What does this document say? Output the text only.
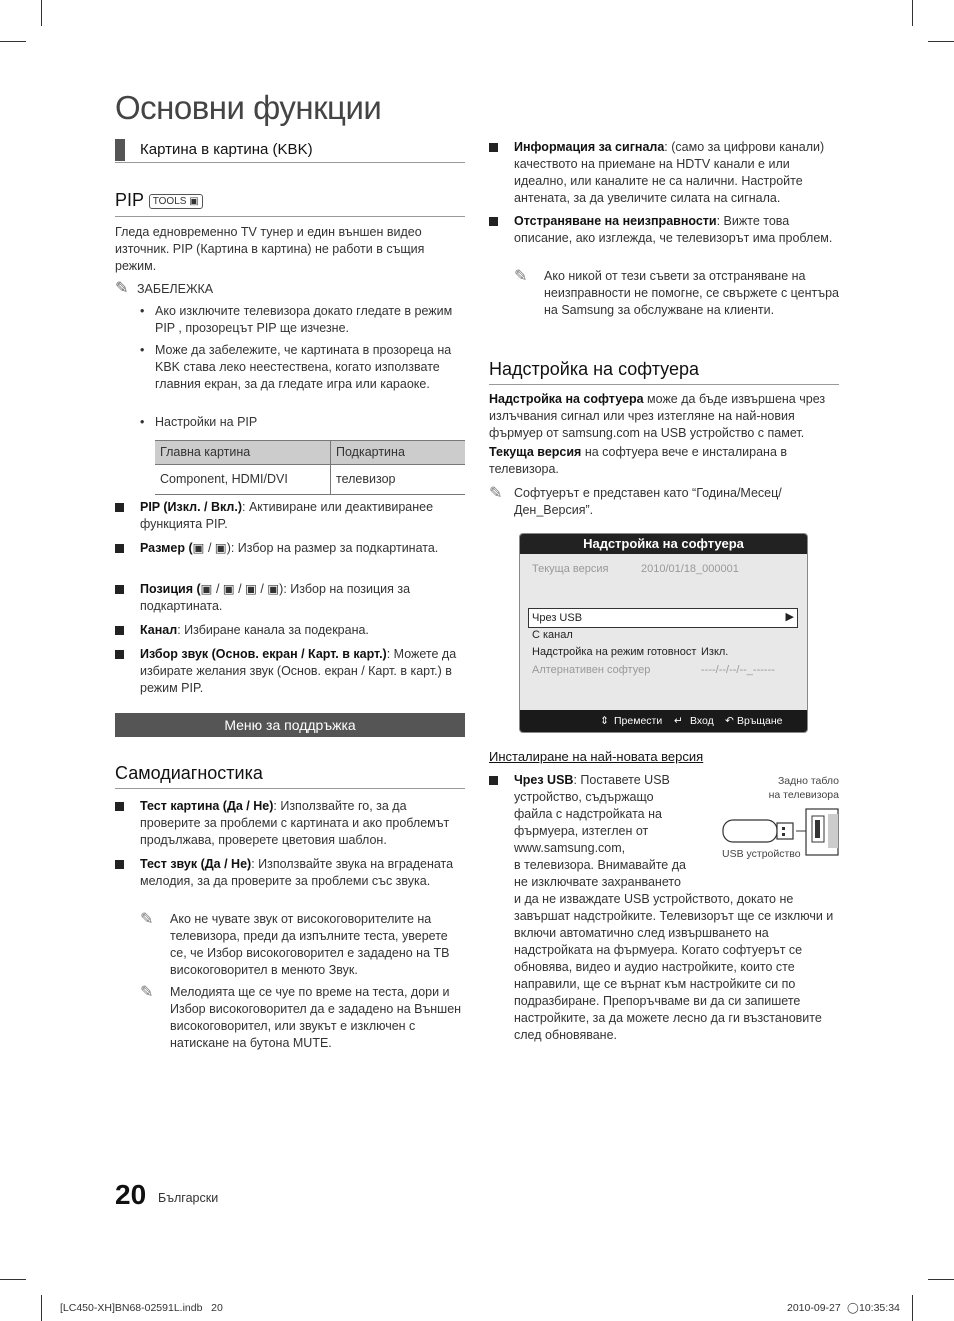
Основни функции
Картина в картина (KBK)
PIP TOOLS ▣
Гледа едновременно TV тунер и един външен видео източник. PIP (Картина в картина) не работи в същия режим.
✎ ЗАБЕЛЕЖКА
• Ако изключите телевизора докато гледате в режим PIP , прозорецът PIP ще изчезне.
• Може да забележите, че картината в прозореца на KBK става леко неестествена, когато използвате главния екран, за да гледате игра или караоке.
• Настройки на PIP
Главна картина	Подкартина
Component, HDMI/DVI	телевизор
PIP (Изкл. / Вкл.): Активиране или деактивиранее функцията PIP.
Размер (▣ / ▣): Избор на размер за подкартината.
Позиция (▣ / ▣ / ▣ / ▣): Избор на позиция за подкартината.
Канал: Избиране канала за подекрана.
Избор звук (Основ. екран / Карт. в карт.): Можете да избирате желания звук (Основ. екран / Карт. в карт.) в режим PIP.
Меню за поддръжка
Самодиагностика
Тест картина (Да / Не): Използвайте го, за да проверите за проблеми с картината и ако проблемът продължава, проверете цветовия шаблон.
Тест звук (Да / Не): Използвайте звука на вградената мелодия, за да проверите за проблеми със звука.
✎ Ако не чувате звук от високоговорителите на телевизора, преди да изпълните теста, уверете се, че Избор високоговорител е зададено на ТВ високоговорител в менюто Звук.
✎ Мелодията ще се чуе по време на теста, дори и Избор високоговорител да е зададено на Външен високоговорител, или звукът е изключен с натискане на бутона MUTE.
Информация за сигнала: (само за цифрови канали) качеството на приемане на HDTV канали е или идеално, или каналите не са налични. Настройте антената, за да увеличите силата на сигнала.
Отстраняване на неизправности: Вижте това описание, ако изглежда, че телевизорът има проблем.
✎ Ако никой от тези съвети за отстраняване на неизправности не помогне, се свържете с центъра на Samsung за обслужване на клиенти.
Надстройка на софтуера
Надстройка на софтуера може да бъде извършена чрез излъчвания сигнал или чрез изтегляне на най-новия фърмуер от samsung.com на USB устройство с памет.
Текуща версия на софтуера вече е инсталирана в телевизора.
✎ Софтуерът е представен като “Година/Месец/Ден_Версия”.
Надстройка на софтуера
Текуща версия	2010/01/18_000001
Чрез USB	▶
С канал
Надстройка на режим готовност Изкл.
Алтернативен софтуер	----/--/--/--_------
⇕ Премести ↵ Вход ↶ Връщане
Инсталиране на най-новата версия
Чрез USB: Поставете USB
устройство, съдържащо
файла с надстройката на
фърмуера, изтеглен от
www.samsung.com,
в телевизора. Внимавайте да
не изключвате захранването
и да не изваждате USB устройството, докато не завършат надстройките. Телевизорът ще се изключи и включи автоматично след извършването на надстройката на фърмуера. Когато софтуерът се обновява, видео и аудио настройките, които сте направили, ще се върнат към настройките си по подразбиране. Препоръчваме ви да си запишете настройките, за да можете лесно да ги възстановите след обновяване.
Задно табло
на телевизора
USB устройство
20 Български
[LC450-XH]BN68-02591L.indb   20	2010-09-27 ◯ 10:35:34
